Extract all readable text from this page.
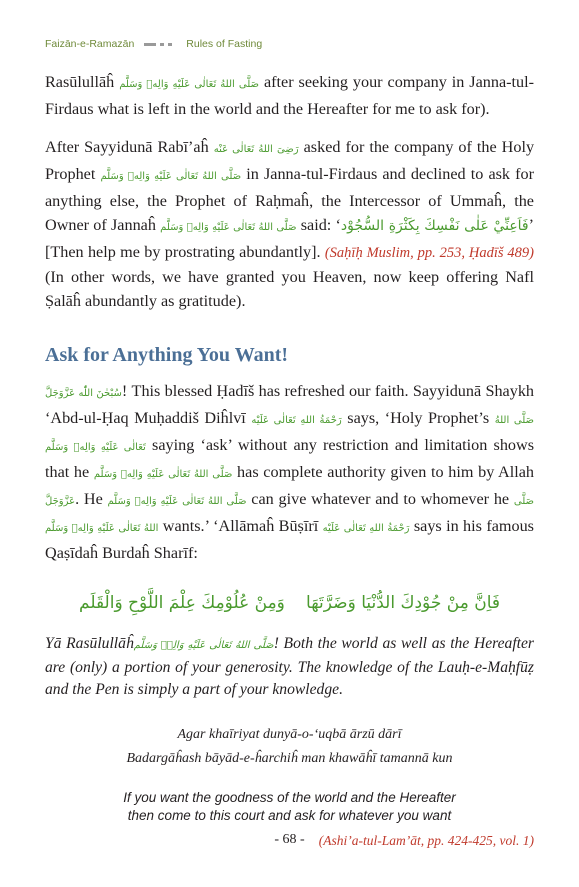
Faizān-e-Ramazān	Rules of Fasting

Rasūlullāĥ صَلَّى اللهُ تَعَالٰى عَلَيْهِ وَالِهٖ وَسَلَّم after seeking your company in Janna-tul-Firdaus what is left in the world and the Hereafter for me to ask for).

After Sayyidunā Rabī’aĥ رَضِىَ اللهُ تَعَالٰى عَنْه asked for the company of the Holy Prophet صَلَّى اللهُ تَعَالٰى عَلَيْهِ وَالِهٖ وَسَلَّم in Janna-tul-Firdaus and declined to ask for anything else, the Prophet of Raḥmaĥ, the Intercessor of Ummaĥ, the Owner of Jannaĥ صَلَّى اللهُ تَعَالٰى عَلَيْهِ وَالِهٖ وَسَلَّم said: ‘فَاَعِنِّيْ عَلٰى نَفْسِكَ بِكَثْرَةِ السُّجُوْد’ [Then help me by prostrating abundantly]. (Saḥīḥ Muslim, pp. 253, Ḥadīš 489) (In other words, we have granted you Heaven, now keep offering Nafl Ṣalāĥ abundantly as gratitude).

Ask for Anything You Want!

سُبْحٰنَ اللّٰه عَزَّوَجَلَّ! This blessed Ḥadīš has refreshed our faith. Sayyidunā Shaykh ‘Abd-ul-Ḥaq Muḥaddiš Diĥlvī رَحْمَةُ اللهِ تَعَالٰى عَلَيْه says, ‘Holy Prophet’s صَلَّى اللهُ تَعَالٰى عَلَيْهِ وَالِهٖ وَسَلَّم saying ‘ask’ without any restriction and limitation shows that he صَلَّى اللهُ تَعَالٰى عَلَيْهِ وَالِهٖ وَسَلَّم has complete authority given to him by Allah عَزَّوَجَلَّ. He صَلَّى اللهُ تَعَالٰى عَلَيْهِ وَالِهٖ وَسَلَّم can give whatever and to whomever he صَلَّى اللهُ تَعَالٰى عَلَيْهِ وَالِهٖ وَسَلَّم wants.’ ‘Allāmaĥ Būṣīrī رَحْمَةُ اللهِ تَعَالٰى عَلَيْه says in his famous Qaṣīdaĥ Burdaĥ Sharīf:

فَاِنَّ مِنْ جُوْدِكَ الدُّنْيَا وَضَرَّتَهَا
وَمِنْ عُلُوْمِكَ عِلْمَ اللَّوْحِ وَالْقَلَم
Yā Rasūlullāĥصَلَّى اللهُ تَعَالٰى عَلَيْهِ وَالِهٖ وَسَلَّم! Both the world as well as the Hereafter are (only) a portion of your generosity. The knowledge of the Lauḥ-e-Maḥfūẓ and the Pen is simply a part of your knowledge.
Agar khaīriyat dunyā-o-‘uqbā ārzū dārī
Badargāĥash bāyād-e-ĥarchiĥ man khawāĥī tamannā kun
If you want the goodness of the world and the Hereafter
then come to this court and ask for whatever you want
(Ashi’a-tul-Lam’āt, pp. 424-425, vol. 1)
- 68 -
